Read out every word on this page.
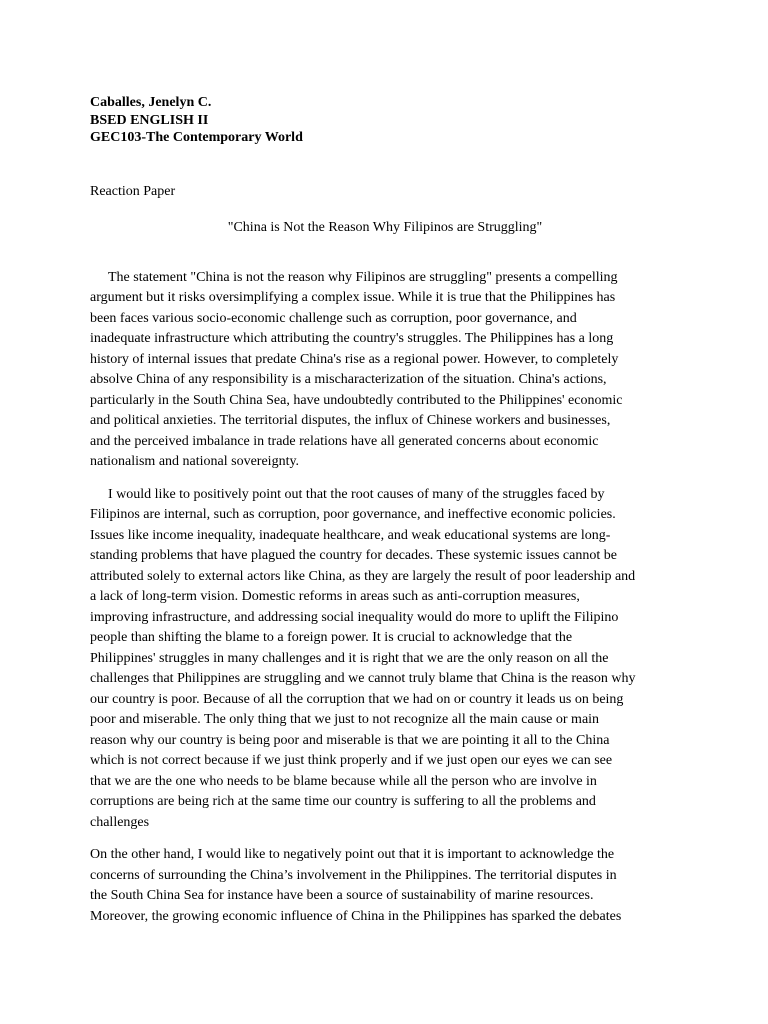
Caballes, Jenelyn C.
BSED ENGLISH II
GEC103-The Contemporary World
Reaction Paper
"China is Not the Reason Why Filipinos are Struggling"
The statement "China is not the reason why Filipinos are struggling" presents a compelling
argument but it risks oversimplifying a complex issue. While it is true that the Philippines has
been faces various socio-economic challenge such as corruption, poor governance, and
inadequate infrastructure which attributing the country's struggles. The Philippines has a long
history of internal issues that predate China's rise as a regional power. However, to completely
absolve China of any responsibility is a mischaracterization of the situation. China's actions,
particularly in the South China Sea, have undoubtedly contributed to the Philippines' economic
and political anxieties. The territorial disputes, the influx of Chinese workers and businesses,
and the perceived imbalance in trade relations have all generated concerns about economic
nationalism and national sovereignty.
I would like to positively point out that the root causes of many of the struggles faced by
Filipinos are internal, such as corruption, poor governance, and ineffective economic policies.
Issues like income inequality, inadequate healthcare, and weak educational systems are long-
standing problems that have plagued the country for decades. These systemic issues cannot be
attributed solely to external actors like China, as they are largely the result of poor leadership and
a lack of long-term vision. Domestic reforms in areas such as anti-corruption measures,
improving infrastructure, and addressing social inequality would do more to uplift the Filipino
people than shifting the blame to a foreign power. It is crucial to acknowledge that the
Philippines' struggles in many challenges and it is right that we are the only reason on all the
challenges that Philippines are struggling and we cannot truly blame that China is the reason why
our country is poor. Because of all the corruption that we had on or country it leads us on being
poor and miserable. The only thing that we just to not recognize all the main cause or main
reason why our country is being poor and miserable is that we are pointing it all to the China
which is not correct because if we just think properly and if we just open our eyes we can see
that we are the one who needs to be blame because while all the person who are involve in
corruptions are being rich at the same time our country is suffering to all the problems and
challenges
On the other hand, I would like to negatively point out that it is important to acknowledge the
concerns of surrounding the China’s involvement in the Philippines. The territorial disputes in
the South China Sea for instance have been a source of sustainability of marine resources.
Moreover, the growing economic influence of China in the Philippines has sparked the debates
